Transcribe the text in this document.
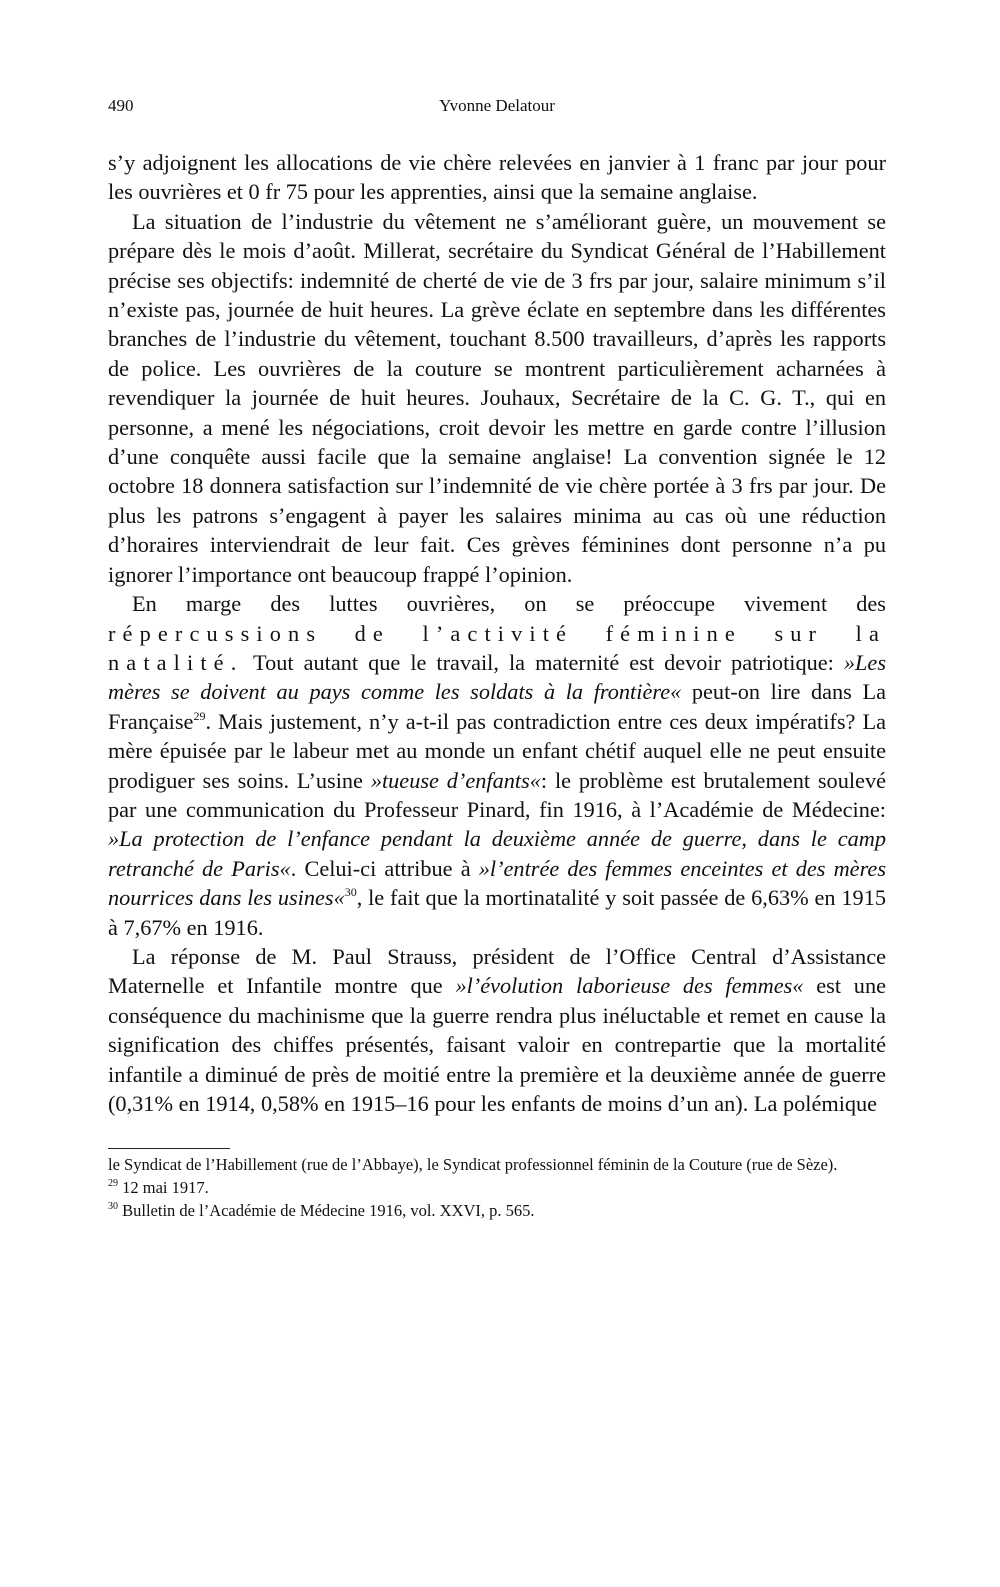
490	Yvonne Delatour

s’y adjoignent les allocations de vie chère relevées en janvier à 1 franc par jour pour les ouvrières et 0 fr 75 pour les apprenties, ainsi que la semaine anglaise.

La situation de l’industrie du vêtement ne s’améliorant guère, un mouvement se prépare dès le mois d’août. Millerat, secrétaire du Syndicat Général de l’Habillement précise ses objectifs: indemnité de cherté de vie de 3 frs par jour, salaire minimum s’il n’existe pas, journée de huit heures. La grève éclate en septembre dans les différentes branches de l’industrie du vêtement, touchant 8.500 travailleurs, d’après les rapports de police. Les ouvrières de la couture se montrent particulièrement acharnées à revendiquer la journée de huit heures. Jouhaux, Secrétaire de la C. G. T., qui en personne, a mené les négociations, croit devoir les mettre en garde contre l’illusion d’une conquête aussi facile que la semaine anglaise! La convention signée le 12 octobre 18 donnera satisfaction sur l’indemnité de vie chère portée à 3 frs par jour. De plus les patrons s’engagent à payer les salaires minima au cas où une réduction d’horaires interviendrait de leur fait. Ces grèves féminines dont personne n’a pu ignorer l’importance ont beaucoup frappé l’opinion.

En marge des luttes ouvrières, on se préoccupe vivement des répercussions de l’activité féminine sur la natalité. Tout autant que le travail, la maternité est devoir patriotique: »Les mères se doivent au pays comme les soldats à la frontière« peut-on lire dans La Française$^{29}$. Mais justement, n’y a-t-il pas contradiction entre ces deux impératifs? La mère épuisée par le labeur met au monde un enfant chétif auquel elle ne peut ensuite prodiguer ses soins. L’usine »tueuse d’enfants«: le problème est brutalement soulevé par une communication du Professeur Pinard, fin 1916, à l’Académie de Médecine: »La protection de l’enfance pendant la deuxième année de guerre, dans le camp retranché de Paris«. Celui-ci attribue à »l’entrée des femmes enceintes et des mères nourrices dans les usines«$^{30}$, le fait que la mortinatalité y soit passée de 6,63% en 1915 à 7,67% en 1916.

La réponse de M. Paul Strauss, président de l’Office Central d’Assistance Maternelle et Infantile montre que »l’évolution laborieuse des femmes« est une conséquence du machinisme que la guerre rendra plus inéluctable et remet en cause la signification des chiffes présentés, faisant valoir en contrepartie que la mortalité infantile a diminué de près de moitié entre la première et la deuxième année de guerre (0,31% en 1914, 0,58% en 1915–16 pour les enfants de moins d’un an). La polémique

le Syndicat de l’Habillement (rue de l’Abbaye), le Syndicat professionnel féminin de la Couture (rue de Sèze).

$^{29}$ 12 mai 1917.

$^{30}$ Bulletin de l’Académie de Médecine 1916, vol. XXVI, p. 565.
